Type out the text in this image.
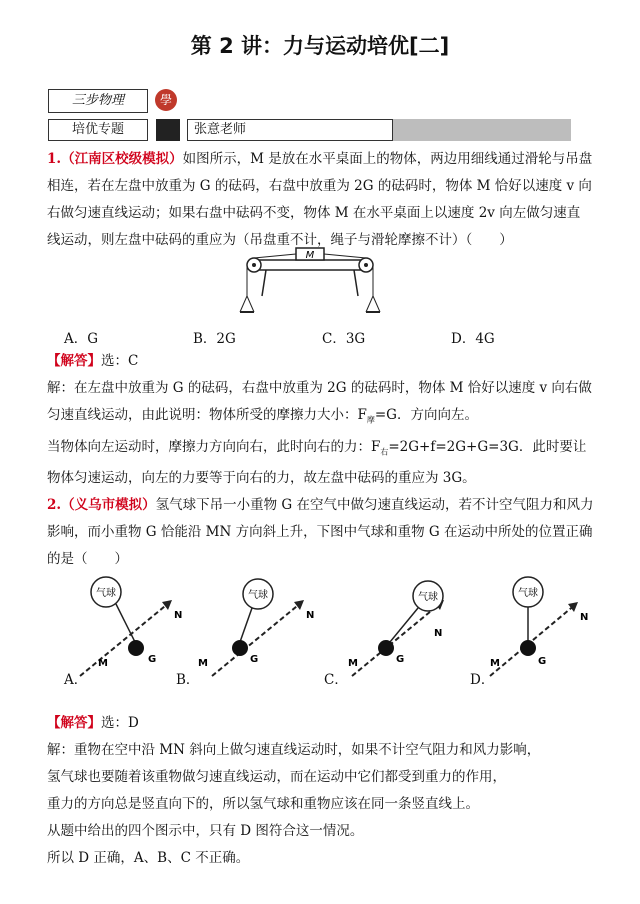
第 2 讲：力与运动培优[二]
三步物理	學
培优专题	张意老师
1.（江南区校级模拟）如图所示，M 是放在水平桌面上的物体，两边用细线通过滑轮与吊盘
相连，若在左盘中放重为 G 的砝码，右盘中放重为 2G 的砝码时，物体 M 恰好以速度 v 向
右做匀速直线运动；如果右盘中砝码不变，物体 M 在水平桌面上以速度 2v 向左做匀速直
线运动，则左盘中砝码的重应为（吊盘重不计，绳子与滑轮摩擦不计）（　　）
M
A．G	B．2G	C．3G	D．4G
【解答】选：C
解：在左盘中放重为 G 的砝码，右盘中放重为 2G 的砝码时，物体 M 恰好以速度 v 向右做
匀速直线运动，由此说明：物体所受的摩擦力大小：$F_摩=G$．方向向左。
当物体向左运动时，摩擦力方向向右，此时向右的力：$F_右=2G+f=2G+G=3G$．此时要让
物体匀速运动，向左的力要等于向右的力，故左盘中砝码的重应为 3G。
2.（义乌市模拟）氢气球下吊一小重物 G 在空气中做匀速直线运动，若不计空气阻力和风力
影响，而小重物 G 恰能沿 MN 方向斜上升，下图中气球和重物 G 在运动中所处的位置正确
的是（　　）
气球
N
M	G
A．
气球
N
M	G
B．
气球
N
M	G
C．
气球
N
M	G
D．
【解答】选：D
解：重物在空中沿 MN 斜向上做匀速直线运动时，如果不计空气阻力和风力影响，
氢气球也要随着该重物做匀速直线运动，而在运动中它们都受到重力的作用，
重力的方向总是竖直向下的，所以氢气球和重物应该在同一条竖直线上。
从题中给出的四个图示中，只有 D 图符合这一情况。
所以 D 正确，A、B、C 不正确。
